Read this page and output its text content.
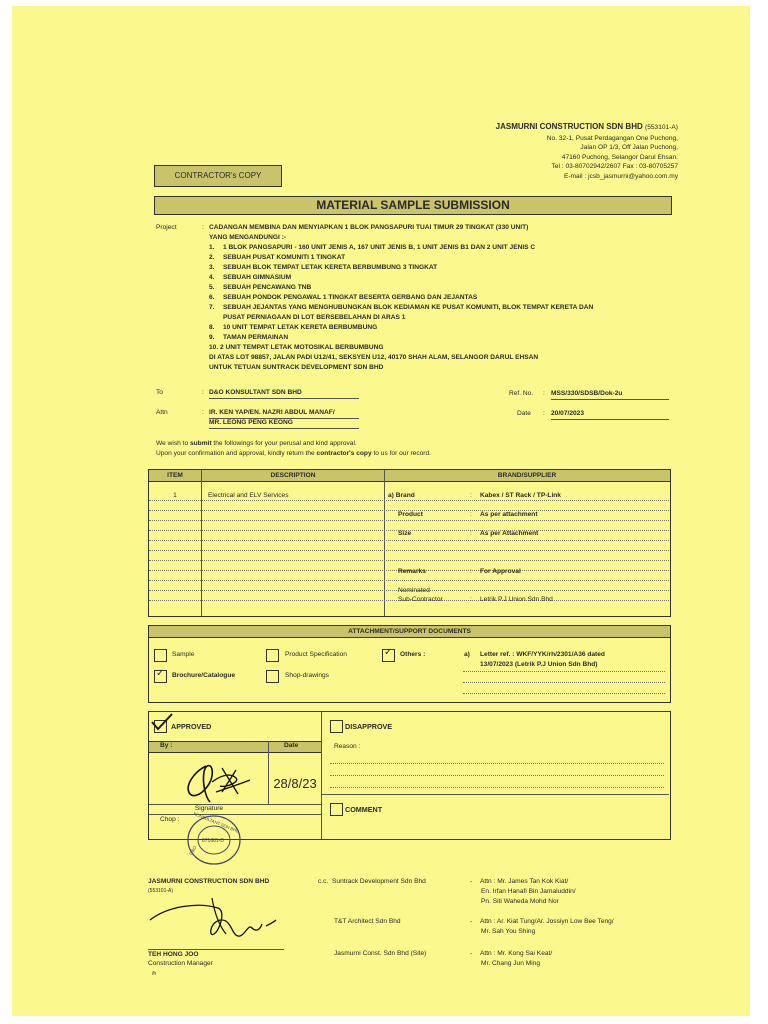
JASMURNI CONSTRUCTION SDN BHD (553101-A)
No. 32-1, Pusat Perdagangan One Puchong,
Jalan OP 1/3, Off Jalan Puchong,
47160 Puchong, Selangor Darul Ehsan.
Tel : 03-80702942/2607 Fax : 03-80705257
E-mail : jcsb_jasmurni@yahoo.com.my
CONTRACTOR's COPY
MATERIAL SAMPLE SUBMISSION
Project	: CADANGAN MEMBINA DAN MENYIAPKAN 1 BLOK PANGSAPURI TUAI TIMUR 29 TINGKAT (330 UNIT)
YANG MENGANDUNGI :-
1. 1 BLOK PANGSAPURI - 160 UNIT JENIS A, 167 UNIT JENIS B, 1 UNIT JENIS B1 DAN 2 UNIT JENIS C
2. SEBUAH PUSAT KOMUNITI 1 TINGKAT
3. SEBUAH BLOK TEMPAT LETAK KERETA BERBUMBUNG 3 TINGKAT
4. SEBUAH GIMNASIUM
5. SEBUAH PENCAWANG TNB
6. SEBUAH PONDOK PENGAWAL 1 TINGKAT BESERTA GERBANG DAN JEJANTAS
7. SEBUAH JEJANTAS YANG MENGHUBUNGKAN BLOK KEDIAMAN KE PUSAT KOMUNITI, BLOK TEMPAT KERETA DAN
PUSAT PERNIAGAAN DI LOT BERSEBELAHAN DI ARAS 1
8. 10 UNIT TEMPAT LETAK KERETA BERBUMBUNG
9. TAMAN PERMAINAN
10. 2 UNIT TEMPAT LETAK MOTOSIKAL BERBUMBUNG
DI ATAS LOT 98857, JALAN PADI U12/41, SEKSYEN U12, 40170 SHAH ALAM, SELANGOR DARUL EHSAN
UNTUK TETUAN SUNTRACK DEVELOPMENT SDN BHD
To	: D&O KONSULTANT SDN BHD
Attn	: IR. KEN YAP/EN. NAZRI ABDUL MANAF/
MR. LEONG PENG KEONG
Ref. No. : MSS/330/SDSB/Dok-2u
Date : 20/07/2023
We wish to submit the followings for your perusal and kind approval.
Upon your confirmation and approval, kindly return the contractor's copy to us for our record.
ITEM	DESCRIPTION	BRAND/SUPPLIER
1	Electrical and ELV Services	a) Brand	: Kabex / ST Rack / TP-Link
Product	: As per attachment
Size	: As per Attachment
Remarks	: For Approval
Nominated
Sub-Contractor	: Letrik P.J Union Sdn Bhd
ATTACHMENT/SUPPORT DOCUMENTS
Sample	Product Specification	✓ Others :
✓ Brochure/Catalogue	Shop-drawings
a) Letter ref. : WKF/YYK/rh/2301/A36 dated
13/07/2023 (Letrik P.J Union Sdn Bhd)
APPROVED	DISAPPROVE
By :	Date
28/8/23
Signature
Chop :
D&O
KONSULTANT SDN BHD
871681-D
Reason :
COMMENT
JASMURNI CONSTRUCTION SDN BHD
(553101-A)
TEH HONG JOO
Construction Manager
/h
c.c. Suntrack Development Sdn Bhd	- Attn : Mr. James Tan Kok Kiat/
En. Irfan Hanafi Bin Jamaluddin/
Pn. Siti Waheda Mohd Nor
T&T Architect Sdn Bhd	- Attn : Ar. Kiat Tung/Ar. Jossiyn Low Bee Teng/
Mr. Sah You Shing
Jasmurni Const. Sdn Bhd (Site)	- Attn : Mr. Kong Sai Keat/
Mr. Chang Jun Ming
